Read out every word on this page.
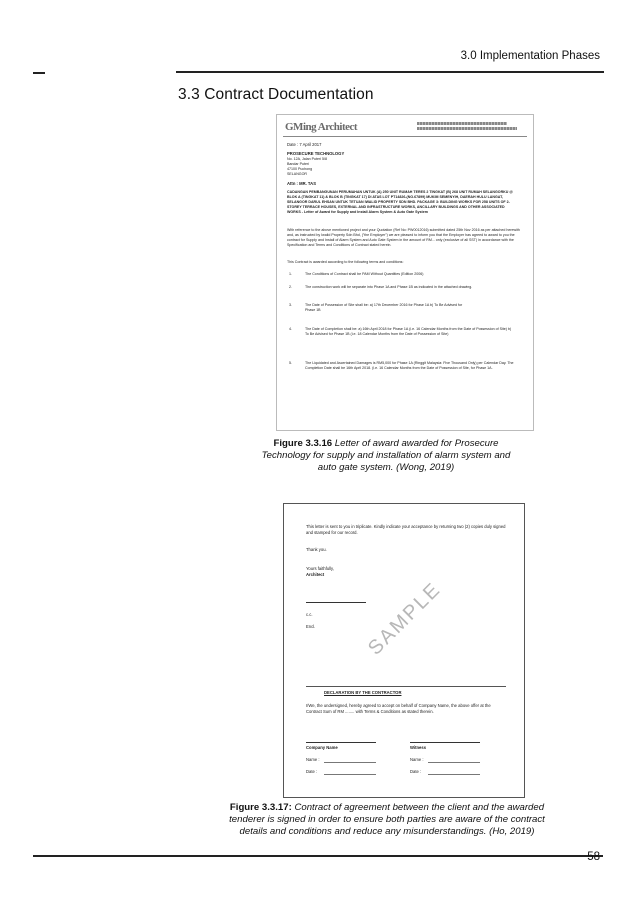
3.0 Implementation Phases
3.3 Contract Documentation
GMing Architect
Date : 7 April 2017
PROSECURE TECHNOLOGY
No. 12A, Jalan Puteri 5/8
Bandar Puteri
47100 Puchong
SELANGOR
Attn : MR. TAS
CADANGAN PEMBANGUNAN PERUMAHAN UNTUK (A) 250 UNIT RUMAH TERES 2 TINGKAT (B) 268 UNIT RUMAH SELANGORKU @ BLOK A (TINGKAT 11) & BLOK B (TINGKAT 17) DI ATAS LOT PT14826-(NO.67899) MUKIM SEMENYIH, DAERAH HULU LANGAT, SELANGOR DARUL EHSAN UNTUK TETUAN IWALID PROPERTY SDN BHD. PACKAGE 3: BUILDING WORKS FOR 258 UNITS OF 2-STOREY TERRACE HOUSES, EXTERNAL AND INFRASTRUCTURE WORKS, ANCILLARY BUILDINGS AND OTHER ASSOCIATED WORKS - Letter of Award for Supply and Install Alarm System & Auto Gate System
With reference to the above mentioned project and your Quotation (Ref No: PW0012016) submitted dated 25th Nov 2016 as per attached herewith and, as instructed by Iwalid Property Sdn Bhd, ("the Employer") we are pleased to inform you that the Employer has agreed to award to you the contract for Supply and Install of Alarm System and Auto Gate System in the amount of RM... only (exclusive of all SST) in accordance with the Specification and Terms and Conditions of Contract stated herein.
This Contract is awarded according to the following terms and conditions:
1.	The Conditions of Contract shall be PAM Without Quantities (Edition 2006)
2.	The construction work will be separate into Phase 1A and Phase 1B as indicated in the attached drawing.
3.	The Date of Possession of Site shall be: a) 17th December 2016 for Phase 1A b) To Be Advised for Phase 1B
4.	The Date of Completion shall be: a) 16th April 2018 for Phase 1A (i.e. 16 Calendar Months from the Date of Possession of Site) b) To Be Advised for Phase 1B (i.e. 18 Calendar Months from the Date of Possession of Site)
5.	The Liquidated and Ascertained Damages is RM5,000 for Phase 1A (Ringgit Malaysia: Five Thousand Only) per Calendar Day. The Completion Date shall be 16th April 2018. (i.e. 16 Calendar Months from the Date of Possession of Site, for Phase 1A.
Figure 3.3.16 Letter of award awarded for Prosecure Technology for supply and installation of alarm system and auto gate system. (Wong, 2019)
This letter is sent to you in triplicate. Kindly indicate your acceptance by returning two (2) copies duly signed and stamped for our record.
Thank you.
Yours faithfully,
Architect
c.c.
Encl. SAMPLE
DECLARATION BY THE CONTRACTOR
I/We, the undersigned, hereby agreed to accept on behalf of Company Name, the above offer at the Contract Sum of RM ........ with Terms & Conditions as stated therein.
Company Name
Name :
Date :
Witness
Name :
Date :
Figure 3.3.17: Contract of agreement between the client and the awarded tenderer is signed in order to ensure both parties are aware of the contract details and conditions and reduce any misunderstandings. (Ho, 2019)
58
